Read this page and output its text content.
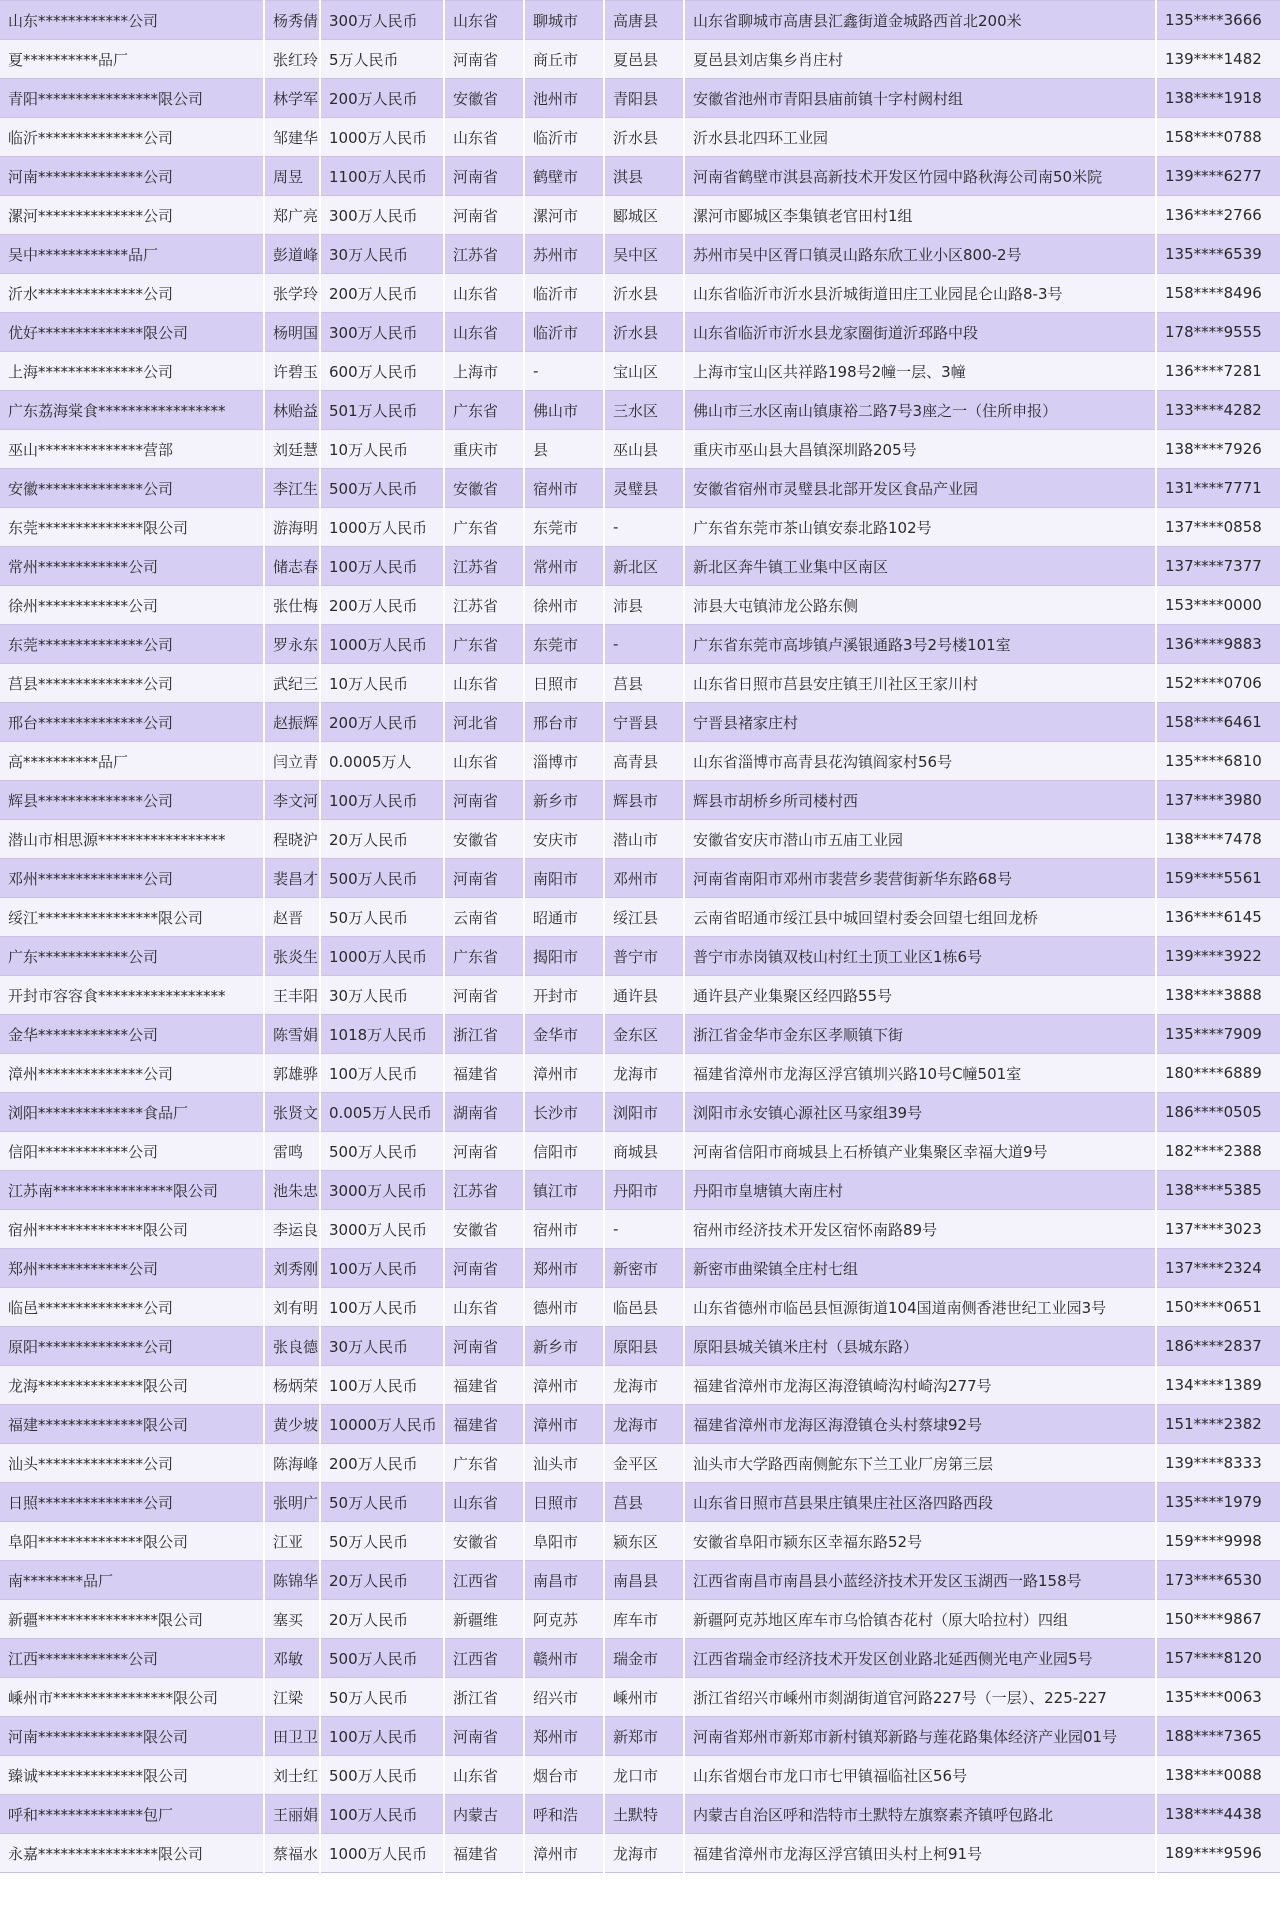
山东************公司	杨秀倩	300万人民币	山东省	聊城市	高唐县	山东省聊城市高唐县汇鑫街道金城路西首北200米	135****3666
夏**********品厂	张红玲	5万人民币	河南省	商丘市	夏邑县	夏邑县刘店集乡肖庄村	139****1482
青阳****************限公司	林学军	200万人民币	安徽省	池州市	青阳县	安徽省池州市青阳县庙前镇十字村阙村组	138****1918
临沂**************公司	邹建华	1000万人民币	山东省	临沂市	沂水县	沂水县北四环工业园	158****0788
河南**************公司	周昱	1100万人民币	河南省	鹤壁市	淇县	河南省鹤壁市淇县高新技术开发区竹园中路秋海公司南50米院	139****6277
漯河**************公司	郑广亮	300万人民币	河南省	漯河市	郾城区	漯河市郾城区李集镇老官田村1组	136****2766
吴中************品厂	彭道峰	30万人民币	江苏省	苏州市	吴中区	苏州市吴中区胥口镇灵山路东欣工业小区800-2号	135****6539
沂水**************公司	张学玲	200万人民币	山东省	临沂市	沂水县	山东省临沂市沂水县沂城街道田庄工业园昆仑山路8-3号	158****8496
优好**************限公司	杨明国	300万人民币	山东省	临沂市	沂水县	山东省临沂市沂水县龙家圈街道沂邳路中段	178****9555
上海**************公司	许碧玉	600万人民币	上海市	-	宝山区	上海市宝山区共祥路198号2幢一层、3幢	136****7281
广东荔海棠食*****************	林贻益	501万人民币	广东省	佛山市	三水区	佛山市三水区南山镇康裕二路7号3座之一（住所申报）	133****4282
巫山**************营部	刘廷慧	10万人民币	重庆市	县	巫山县	重庆市巫山县大昌镇深圳路205号	138****7926
安徽**************公司	李江生	500万人民币	安徽省	宿州市	灵璧县	安徽省宿州市灵璧县北部开发区食品产业园	131****7771
东莞**************限公司	游海明	1000万人民币	广东省	东莞市	-	广东省东莞市茶山镇安泰北路102号	137****0858
常州************公司	储志春	100万人民币	江苏省	常州市	新北区	新北区奔牛镇工业集中区南区	137****7377
徐州************公司	张仕梅	200万人民币	江苏省	徐州市	沛县	沛县大屯镇沛龙公路东侧	153****0000
东莞**************公司	罗永东	1000万人民币	广东省	东莞市	-	广东省东莞市高埗镇卢溪银通路3号2号楼101室	136****9883
莒县**************公司	武纪三	10万人民币	山东省	日照市	莒县	山东省日照市莒县安庄镇王川社区王家川村	152****0706
邢台**************公司	赵振辉	200万人民币	河北省	邢台市	宁晋县	宁晋县褚家庄村	158****6461
高**********品厂	闫立青	0.0005万人	山东省	淄博市	高青县	山东省淄博市高青县花沟镇阎家村56号	135****6810
辉县**************公司	李文河	100万人民币	河南省	新乡市	辉县市	辉县市胡桥乡所司楼村西	137****3980
潜山市相思源*****************	程晓沪	20万人民币	安徽省	安庆市	潜山市	安徽省安庆市潜山市五庙工业园	138****7478
邓州**************公司	裴昌才	500万人民币	河南省	南阳市	邓州市	河南省南阳市邓州市裴营乡裴营街新华东路68号	159****5561
绥江****************限公司	赵晋	50万人民币	云南省	昭通市	绥江县	云南省昭通市绥江县中城回望村委会回望七组回龙桥	136****6145
广东************公司	张炎生	1000万人民币	广东省	揭阳市	普宁市	普宁市赤岗镇双枝山村红土顶工业区1栋6号	139****3922
开封市容容食*****************	王丰阳	30万人民币	河南省	开封市	通许县	通许县产业集聚区经四路55号	138****3888
金华************公司	陈雪娟	1018万人民币	浙江省	金华市	金东区	浙江省金华市金东区孝顺镇下街	135****7909
漳州**************公司	郭雄骅	100万人民币	福建省	漳州市	龙海市	福建省漳州市龙海区浮宫镇圳兴路10号C幢501室	180****6889
浏阳**************食品厂	张贤文	0.005万人民币	湖南省	长沙市	浏阳市	浏阳市永安镇心源社区马家组39号	186****0505
信阳************公司	雷鸣	500万人民币	河南省	信阳市	商城县	河南省信阳市商城县上石桥镇产业集聚区幸福大道9号	182****2388
江苏南****************限公司	池朱忠	3000万人民币	江苏省	镇江市	丹阳市	丹阳市皇塘镇大南庄村	138****5385
宿州**************限公司	李运良	3000万人民币	安徽省	宿州市	-	宿州市经济技术开发区宿怀南路89号	137****3023
郑州************公司	刘秀刚	100万人民币	河南省	郑州市	新密市	新密市曲梁镇全庄村七组	137****2324
临邑**************公司	刘有明	100万人民币	山东省	德州市	临邑县	山东省德州市临邑县恒源街道104国道南侧香港世纪工业园3号	150****0651
原阳**************公司	张良德	30万人民币	河南省	新乡市	原阳县	原阳县城关镇米庄村（县城东路）	186****2837
龙海**************限公司	杨炳荣	100万人民币	福建省	漳州市	龙海市	福建省漳州市龙海区海澄镇崎沟村崎沟277号	134****1389
福建**************限公司	黄少坡	10000万人民币	福建省	漳州市	龙海市	福建省漳州市龙海区海澄镇仓头村蔡埭92号	151****2382
汕头**************公司	陈海峰	200万人民币	广东省	汕头市	金平区	汕头市大学路西南侧鮀东下兰工业厂房第三层	139****8333
日照**************公司	张明广	50万人民币	山东省	日照市	莒县	山东省日照市莒县果庄镇果庄社区洛四路西段	135****1979
阜阳**************限公司	江亚	50万人民币	安徽省	阜阳市	颍东区	安徽省阜阳市颍东区幸福东路52号	159****9998
南********品厂	陈锦华	20万人民币	江西省	南昌市	南昌县	江西省南昌市南昌县小蓝经济技术开发区玉湖西一路158号	173****6530
新疆****************限公司	塞买	20万人民币	新疆维	阿克苏	库车市	新疆阿克苏地区库车市乌恰镇杏花村（原大哈拉村）四组	150****9867
江西************公司	邓敏	500万人民币	江西省	赣州市	瑞金市	江西省瑞金市经济技术开发区创业路北延西侧光电产业园5号	157****8120
嵊州市****************限公司	江梁	50万人民币	浙江省	绍兴市	嵊州市	浙江省绍兴市嵊州市剡湖街道官河路227号（一层）、225-227	135****0063
河南**************限公司	田卫卫	100万人民币	河南省	郑州市	新郑市	河南省郑州市新郑市新村镇郑新路与莲花路集体经济产业园01号	188****7365
臻诚**************限公司	刘士红	500万人民币	山东省	烟台市	龙口市	山东省烟台市龙口市七甲镇福临社区56号	138****0088
呼和**************包厂	王丽娟	100万人民币	内蒙古	呼和浩	土默特	内蒙古自治区呼和浩特市土默特左旗察素齐镇呼包路北	138****4438
永嘉****************限公司	蔡福水	1000万人民币	福建省	漳州市	龙海市	福建省漳州市龙海区浮宫镇田头村上柯91号	189****9596
